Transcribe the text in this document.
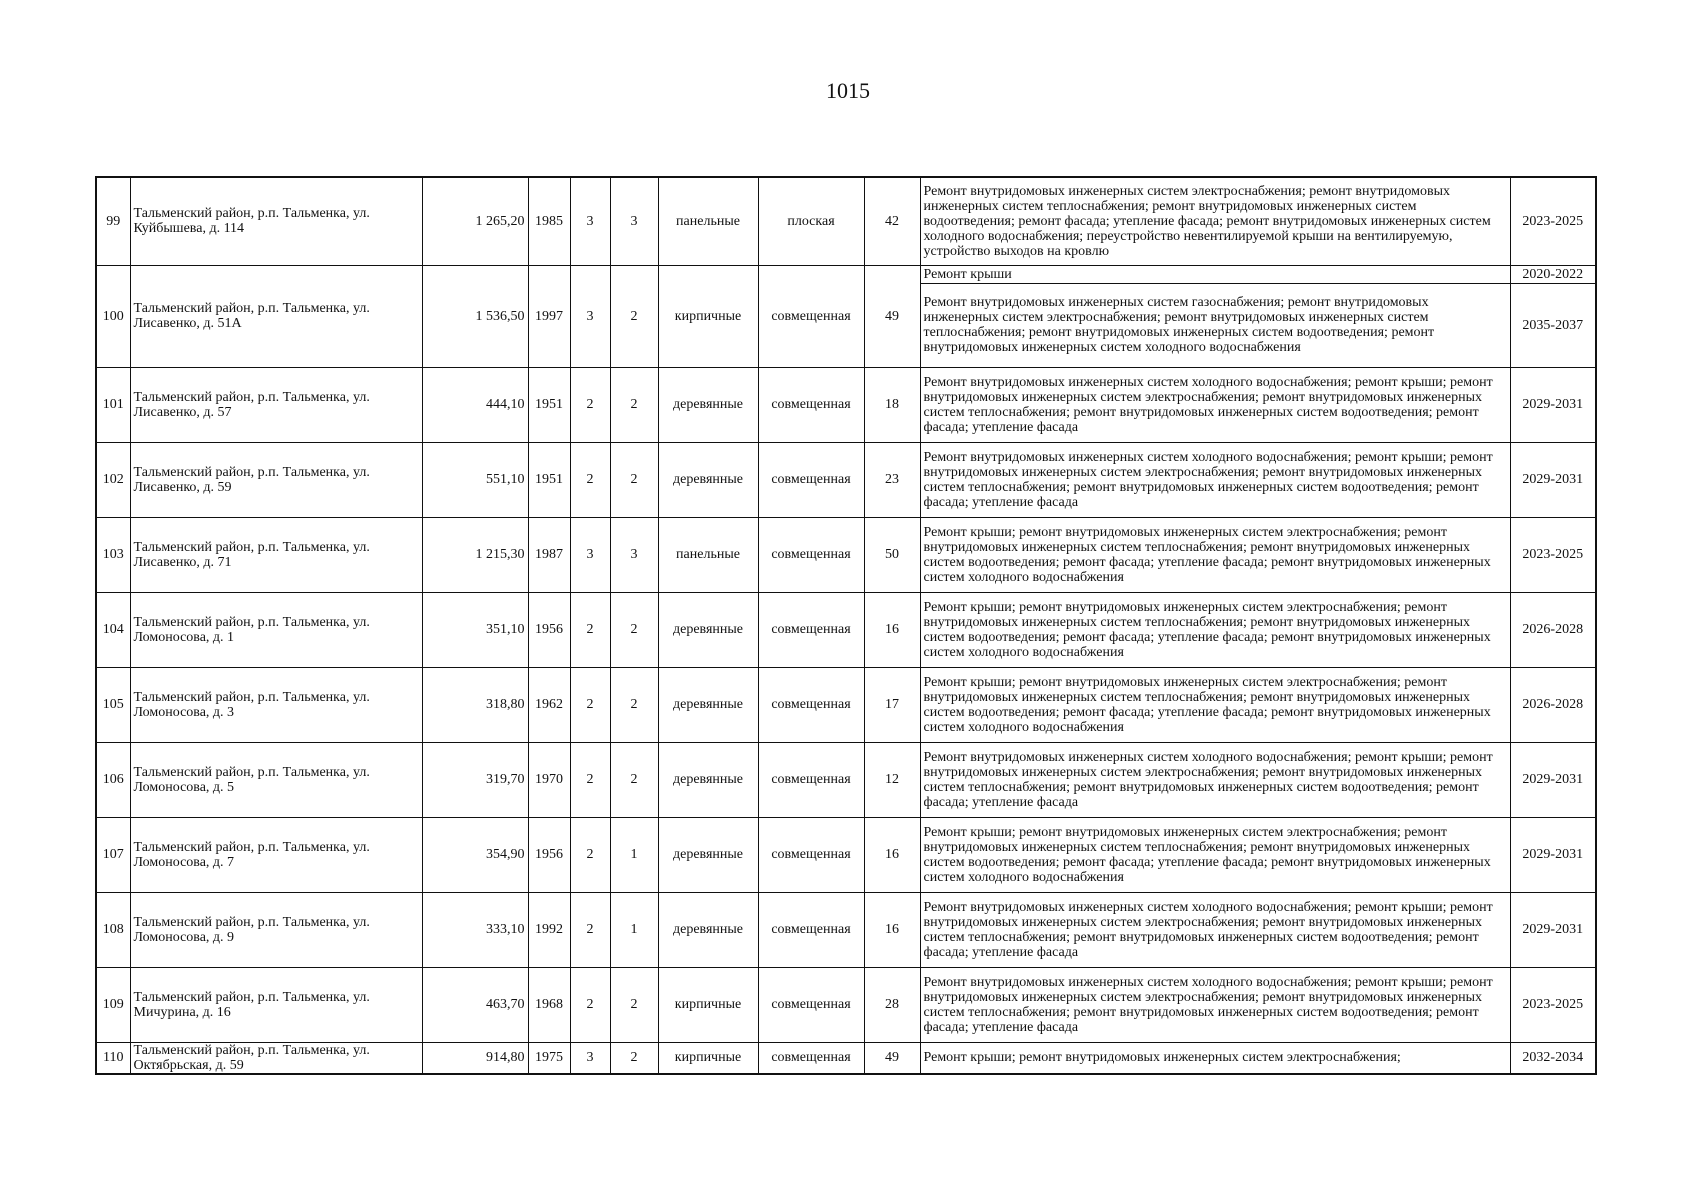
1015
99	Тальменский район, р.п. Тальменка, ул. Куйбышева, д. 114	1 265,20	1985	3	3	панельные	плоская	42	Ремонт внутридомовых инженерных систем электроснабжения; ремонт внутридомовых инженерных систем теплоснабжения; ремонт внутридомовых инженерных систем водоотведения; ремонт фасада; утепление фасада; ремонт внутридомовых инженерных систем холодного водоснабжения; переустройство невентилируемой крыши на вентилируемую, устройство выходов на кровлю	2023-2025
100	Тальменский район, р.п. Тальменка, ул. Лисавенко, д. 51А	1 536,50	1997	3	2	кирпичные	совмещенная	49	Ремонт крыши	2020-2022
									Ремонт внутридомовых инженерных систем газоснабжения; ремонт внутридомовых инженерных систем электроснабжения; ремонт внутридомовых инженерных систем теплоснабжения; ремонт внутридомовых инженерных систем водоотведения; ремонт внутридомовых инженерных систем холодного водоснабжения	2035-2037
101	Тальменский район, р.п. Тальменка, ул. Лисавенко, д. 57	444,10	1951	2	2	деревянные	совмещенная	18	Ремонт внутридомовых инженерных систем холодного водоснабжения; ремонт крыши; ремонт внутридомовых инженерных систем электроснабжения; ремонт внутридомовых инженерных систем теплоснабжения; ремонт внутридомовых инженерных систем водоотведения; ремонт фасада; утепление фасада	2029-2031
102	Тальменский район, р.п. Тальменка, ул. Лисавенко, д. 59	551,10	1951	2	2	деревянные	совмещенная	23	Ремонт внутридомовых инженерных систем холодного водоснабжения; ремонт крыши; ремонт внутридомовых инженерных систем электроснабжения; ремонт внутридомовых инженерных систем теплоснабжения; ремонт внутридомовых инженерных систем водоотведения; ремонт фасада; утепление фасада	2029-2031
103	Тальменский район, р.п. Тальменка, ул. Лисавенко, д. 71	1 215,30	1987	3	3	панельные	совмещенная	50	Ремонт крыши; ремонт внутридомовых инженерных систем электроснабжения; ремонт внутридомовых инженерных систем теплоснабжения; ремонт внутридомовых инженерных систем водоотведения; ремонт фасада; утепление фасада; ремонт внутридомовых инженерных систем холодного водоснабжения	2023-2025
104	Тальменский район, р.п. Тальменка, ул. Ломоносова, д. 1	351,10	1956	2	2	деревянные	совмещенная	16	Ремонт крыши; ремонт внутридомовых инженерных систем электроснабжения; ремонт внутридомовых инженерных систем теплоснабжения; ремонт внутридомовых инженерных систем водоотведения; ремонт фасада; утепление фасада; ремонт внутридомовых инженерных систем холодного водоснабжения	2026-2028
105	Тальменский район, р.п. Тальменка, ул. Ломоносова, д. 3	318,80	1962	2	2	деревянные	совмещенная	17	Ремонт крыши; ремонт внутридомовых инженерных систем электроснабжения; ремонт внутридомовых инженерных систем теплоснабжения; ремонт внутридомовых инженерных систем водоотведения; ремонт фасада; утепление фасада; ремонт внутридомовых инженерных систем холодного водоснабжения	2026-2028
106	Тальменский район, р.п. Тальменка, ул. Ломоносова, д. 5	319,70	1970	2	2	деревянные	совмещенная	12	Ремонт внутридомовых инженерных систем холодного водоснабжения; ремонт крыши; ремонт внутридомовых инженерных систем электроснабжения; ремонт внутридомовых инженерных систем теплоснабжения; ремонт внутридомовых инженерных систем водоотведения; ремонт фасада; утепление фасада	2029-2031
107	Тальменский район, р.п. Тальменка, ул. Ломоносова, д. 7	354,90	1956	2	1	деревянные	совмещенная	16	Ремонт крыши; ремонт внутридомовых инженерных систем электроснабжения; ремонт внутридомовых инженерных систем теплоснабжения; ремонт внутридомовых инженерных систем водоотведения; ремонт фасада; утепление фасада; ремонт внутридомовых инженерных систем холодного водоснабжения	2029-2031
108	Тальменский район, р.п. Тальменка, ул. Ломоносова, д. 9	333,10	1992	2	1	деревянные	совмещенная	16	Ремонт внутридомовых инженерных систем холодного водоснабжения; ремонт крыши; ремонт внутридомовых инженерных систем электроснабжения; ремонт внутридомовых инженерных систем теплоснабжения; ремонт внутридомовых инженерных систем водоотведения; ремонт фасада; утепление фасада	2029-2031
109	Тальменский район, р.п. Тальменка, ул. Мичурина, д. 16	463,70	1968	2	2	кирпичные	совмещенная	28	Ремонт внутридомовых инженерных систем холодного водоснабжения; ремонт крыши; ремонт внутридомовых инженерных систем электроснабжения; ремонт внутридомовых инженерных систем теплоснабжения; ремонт внутридомовых инженерных систем водоотведения; ремонт фасада; утепление фасада	2023-2025
110	Тальменский район, р.п. Тальменка, ул. Октябрьская, д. 59	914,80	1975	3	2	кирпичные	совмещенная	49	Ремонт крыши; ремонт внутридомовых инженерных систем электроснабжения;	2032-2034
